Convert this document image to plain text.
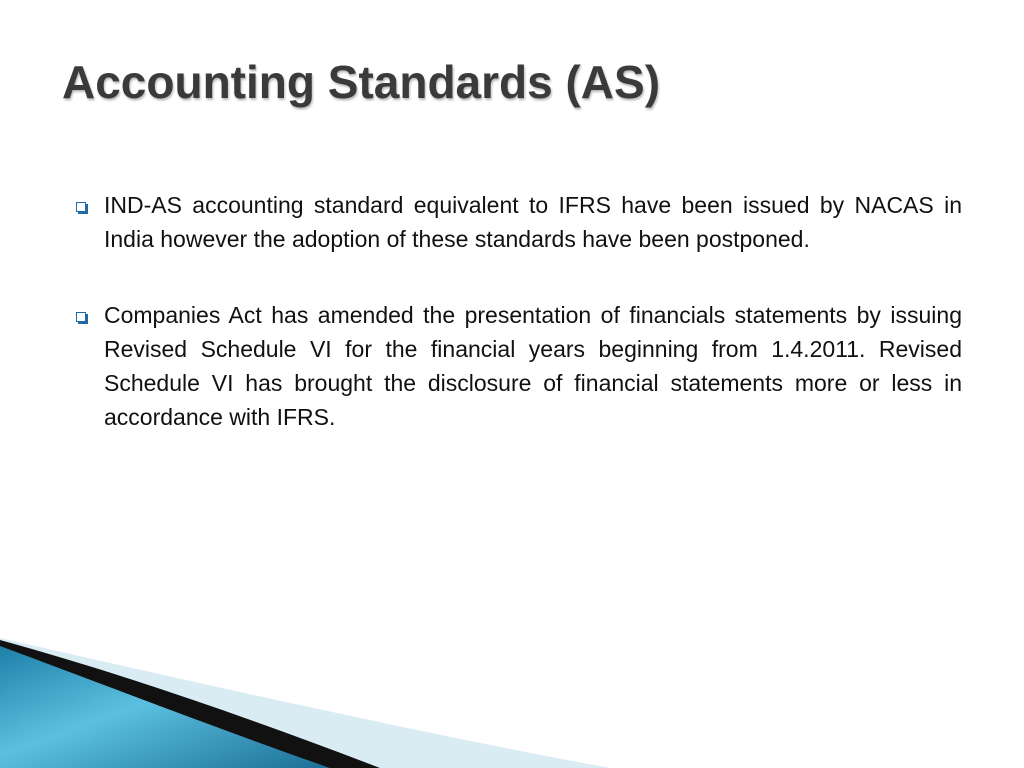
Accounting Standards (AS)
IND-AS accounting standard equivalent to IFRS have been issued by NACAS in India however the adoption of these standards have been postponed.
Companies Act has amended the presentation of financials statements by issuing Revised Schedule VI for the financial years beginning from 1.4.2011. Revised Schedule VI has brought the disclosure of financial statements more or less in accordance with IFRS.
